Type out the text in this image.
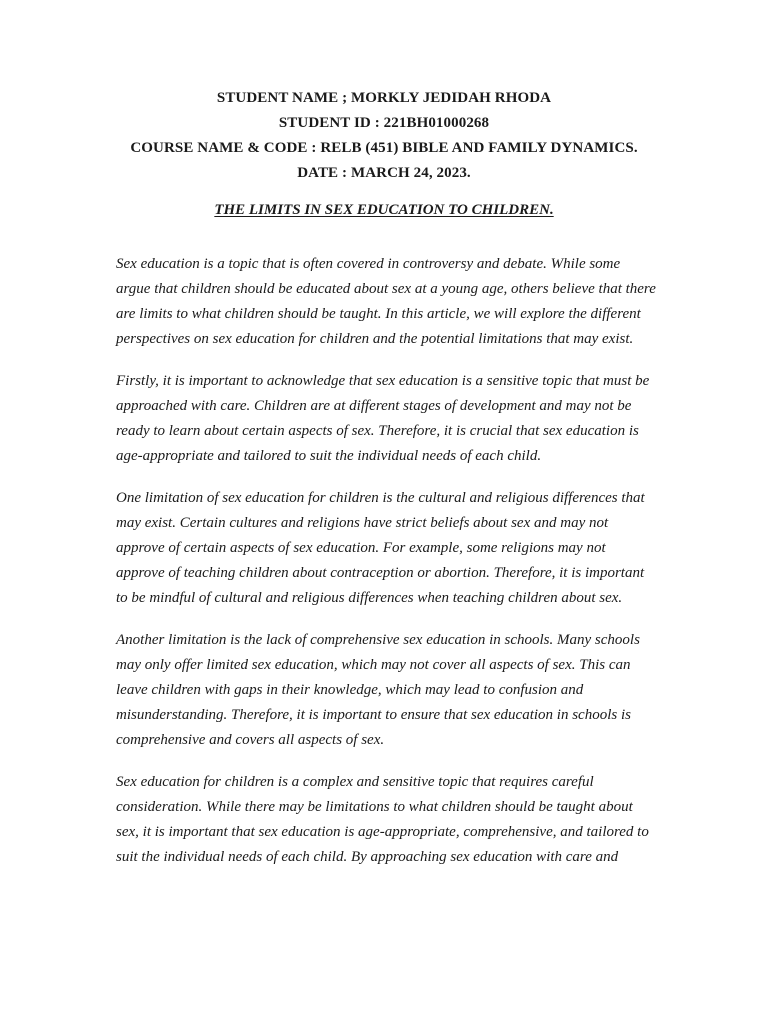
STUDENT NAME ; MORKLY JEDIDAH RHODA
STUDENT ID : 221BH01000268
COURSE NAME & CODE : RELB (451) BIBLE AND FAMILY DYNAMICS.
DATE : MARCH 24, 2023.
THE LIMITS IN SEX EDUCATION TO CHILDREN.

Sex education is a topic that is often covered in controversy and debate. While some argue that children should be educated about sex at a young age, others believe that there are limits to what children should be taught. In this article, we will explore the different perspectives on sex education for children and the potential limitations that may exist.

Firstly, it is important to acknowledge that sex education is a sensitive topic that must be approached with care. Children are at different stages of development and may not be ready to learn about certain aspects of sex. Therefore, it is crucial that sex education is age-appropriate and tailored to suit the individual needs of each child.

One limitation of sex education for children is the cultural and religious differences that may exist. Certain cultures and religions have strict beliefs about sex and may not approve of certain aspects of sex education. For example, some religions may not approve of teaching children about contraception or abortion. Therefore, it is important to be mindful of cultural and religious differences when teaching children about sex.

Another limitation is the lack of comprehensive sex education in schools. Many schools may only offer limited sex education, which may not cover all aspects of sex. This can leave children with gaps in their knowledge, which may lead to confusion and misunderstanding. Therefore, it is important to ensure that sex education in schools is comprehensive and covers all aspects of sex.

Sex education for children is a complex and sensitive topic that requires careful consideration. While there may be limitations to what children should be taught about sex, it is important that sex education is age-appropriate, comprehensive, and tailored to suit the individual needs of each child. By approaching sex education with care and
